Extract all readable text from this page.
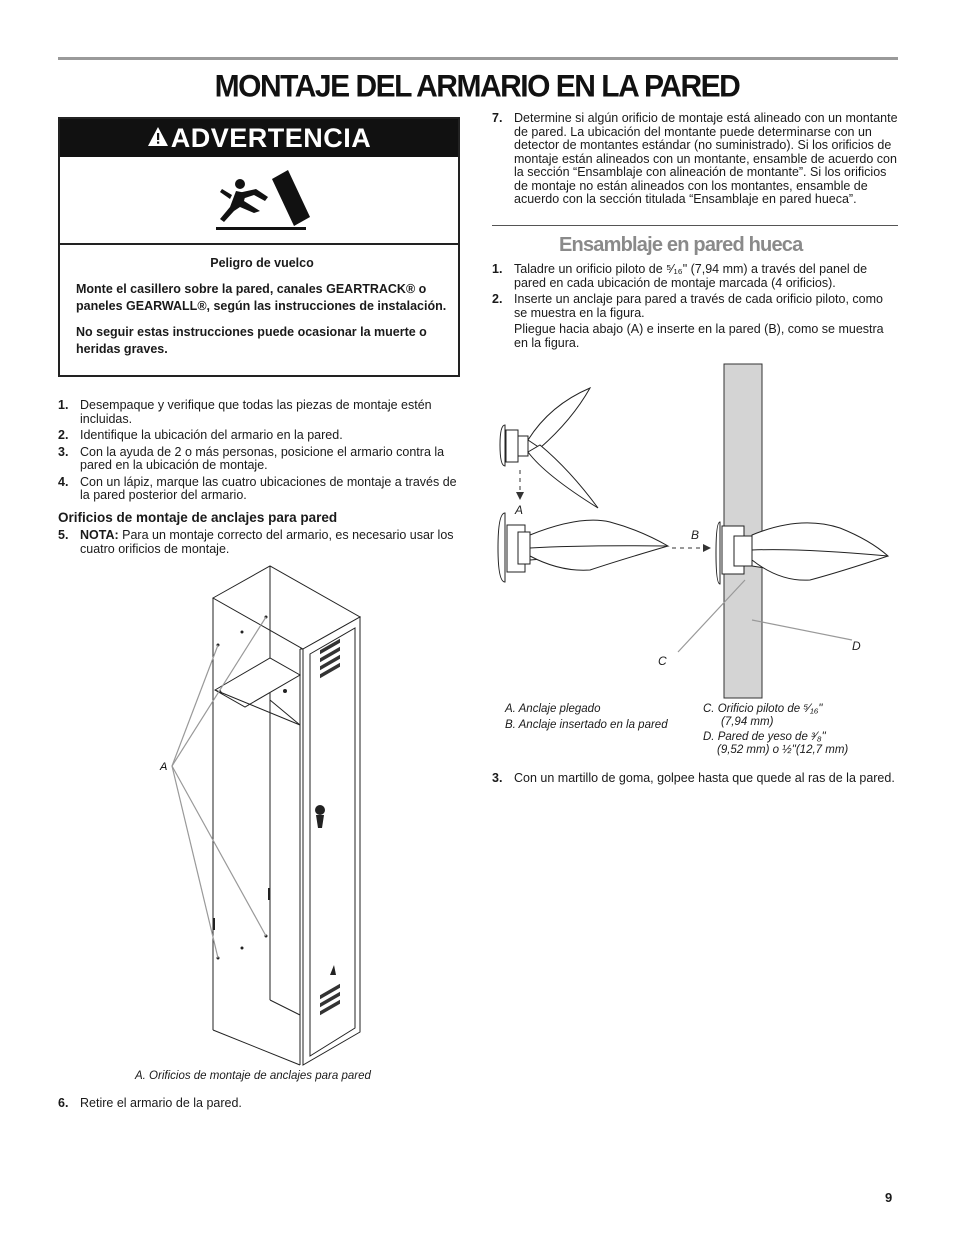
MONTAJE DEL ARMARIO EN LA PARED
ADVERTENCIA

Peligro de vuelco

Monte el casillero sobre la pared, canales GEARTRACK® o paneles GEARWALL®, según las instrucciones de instalación.

No seguir estas instrucciones puede ocasionar la muerte o heridas graves.

1. Desempaque y verifique que todas las piezas de montaje estén incluidas.
2. Identifique la ubicación del armario en la pared.
3. Con la ayuda de 2 o más personas, posicione el armario contra la pared en la ubicación de montaje.
4. Con un lápiz, marque las cuatro ubicaciones de montaje a través de la pared posterior del armario.
Orificios de montaje de anclajes para pared
5. NOTA: Para un montaje correcto del armario, es necesario usar los cuatro orificios de montaje.
A
A. Orificios de montaje de anclajes para pared
6. Retire el armario de la pared.
7. Determine si algún orificio de montaje está alineado con un montante de pared. La ubicación del montante puede determinarse con un detector de montantes estándar (no suministrado). Si los orificios de montaje están alineados con un montante, ensamble de acuerdo con la sección “Ensamblaje con alineación de montante”. Si los orificios de montaje no están alineados con los montantes, ensamble de acuerdo con la sección titulada “Ensamblaje en pared hueca”.
Ensamblaje en pared hueca
1. Taladre un orificio piloto de ⁵⁄₁₆" (7,94 mm) a través del panel de pared en cada ubicación de montaje marcada (4 orificios).
2. Inserte un anclaje para pared a través de cada orificio piloto, como se muestra en la figura.
Pliegue hacia abajo (A) e inserte en la pared (B), como se muestra en la figura.
A
B
C
D
A. Anclaje plegado
B. Anclaje insertado en la pared
C. Orificio piloto de ⁵⁄₁₆"
(7,94 mm)
D. Pared de yeso de ³⁄₈"
(9,52 mm) o ½"(12,7 mm)
3. Con un martillo de goma, golpee hasta que quede al ras de la pared.
9
